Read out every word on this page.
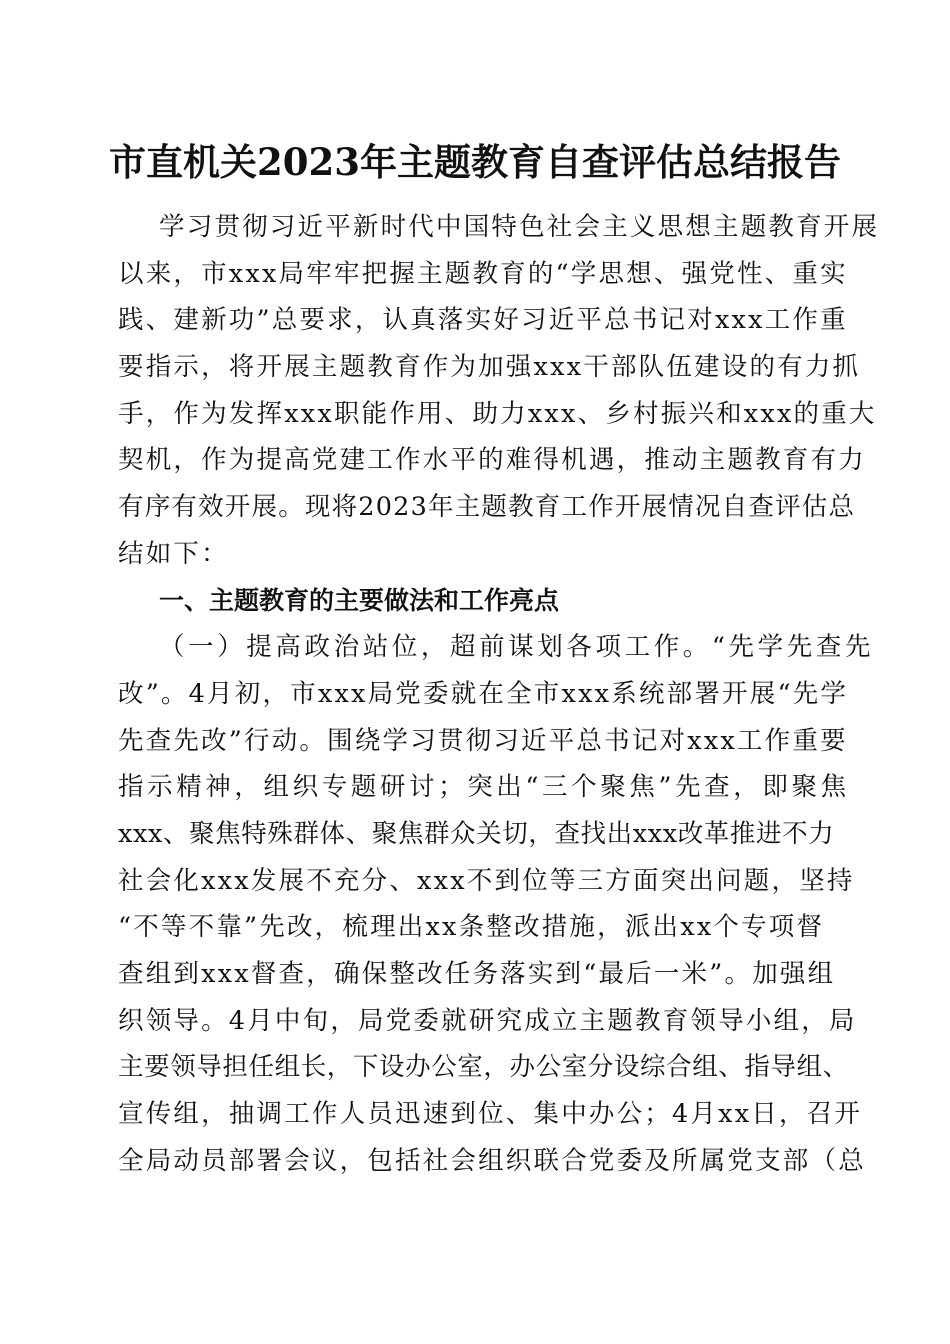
市直机关2023年主题教育自查评估总结报告
学习贯彻习近平新时代中国特色社会主义思想主题教育开展
以来，市xxx局牢牢把握主题教育的“学思想、强党性、重实
践、建新功”总要求，认真落实好习近平总书记对xxx工作重
要指示，将开展主题教育作为加强xxx干部队伍建设的有力抓
手，作为发挥xxx职能作用、助力xxx、乡村振兴和xxx的重大
契机，作为提高党建工作水平的难得机遇，推动主题教育有力
有序有效开展。现将2023年主题教育工作开展情况自查评估总
结如下：
一、主题教育的主要做法和工作亮点
（一）提高政治站位，超前谋划各项工作。“先学先查先
改”。4月初，市xxx局党委就在全市xxx系统部署开展“先学
先查先改”行动。围绕学习贯彻习近平总书记对xxx工作重要
指示精神，组织专题研讨；突出“三个聚焦”先查，即聚焦
xxx、聚焦特殊群体、聚焦群众关切，查找出xxx改革推进不力
社会化xxx发展不充分、xxx不到位等三方面突出问题，坚持
“不等不靠”先改，梳理出xx条整改措施，派出xx个专项督
查组到xxx督查，确保整改任务落实到“最后一米”。加强组
织领导。4月中旬，局党委就研究成立主题教育领导小组，局
主要领导担任组长，下设办公室，办公室分设综合组、指导组、
宣传组，抽调工作人员迅速到位、集中办公；4月xx日，召开
全局动员部署会议，包括社会组织联合党委及所属党支部（总
